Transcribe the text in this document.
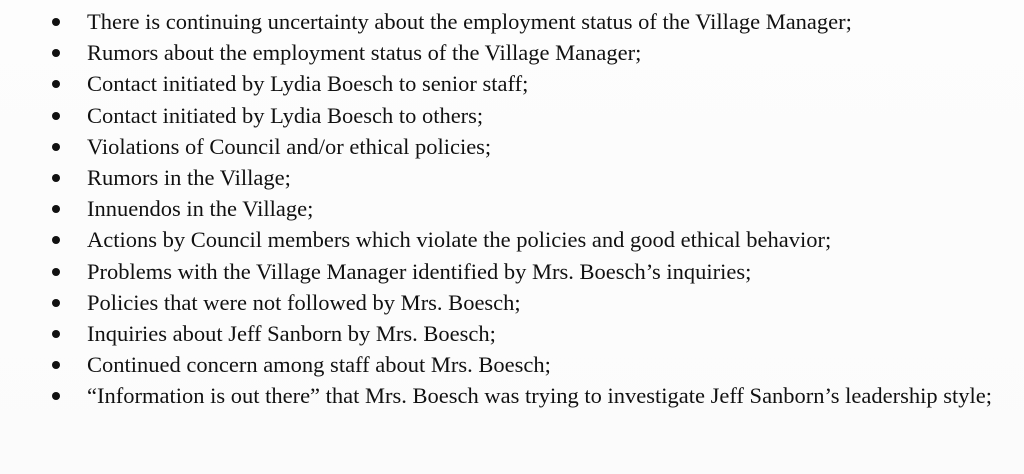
There is continuing uncertainty about the employment status of the Village Manager;
Rumors about the employment status of the Village Manager;
Contact initiated by Lydia Boesch to senior staff;
Contact initiated by Lydia Boesch to others;
Violations of Council and/or ethical policies;
Rumors in the Village;
Innuendos in the Village;
Actions by Council members which violate the policies and good ethical behavior;
Problems with the Village Manager identified by Mrs. Boesch’s inquiries;
Policies that were not followed by Mrs. Boesch;
Inquiries about Jeff Sanborn by Mrs. Boesch;
Continued concern among staff about Mrs. Boesch;
“Information is out there” that Mrs. Boesch was trying to investigate Jeff Sanborn’s leadership style;
